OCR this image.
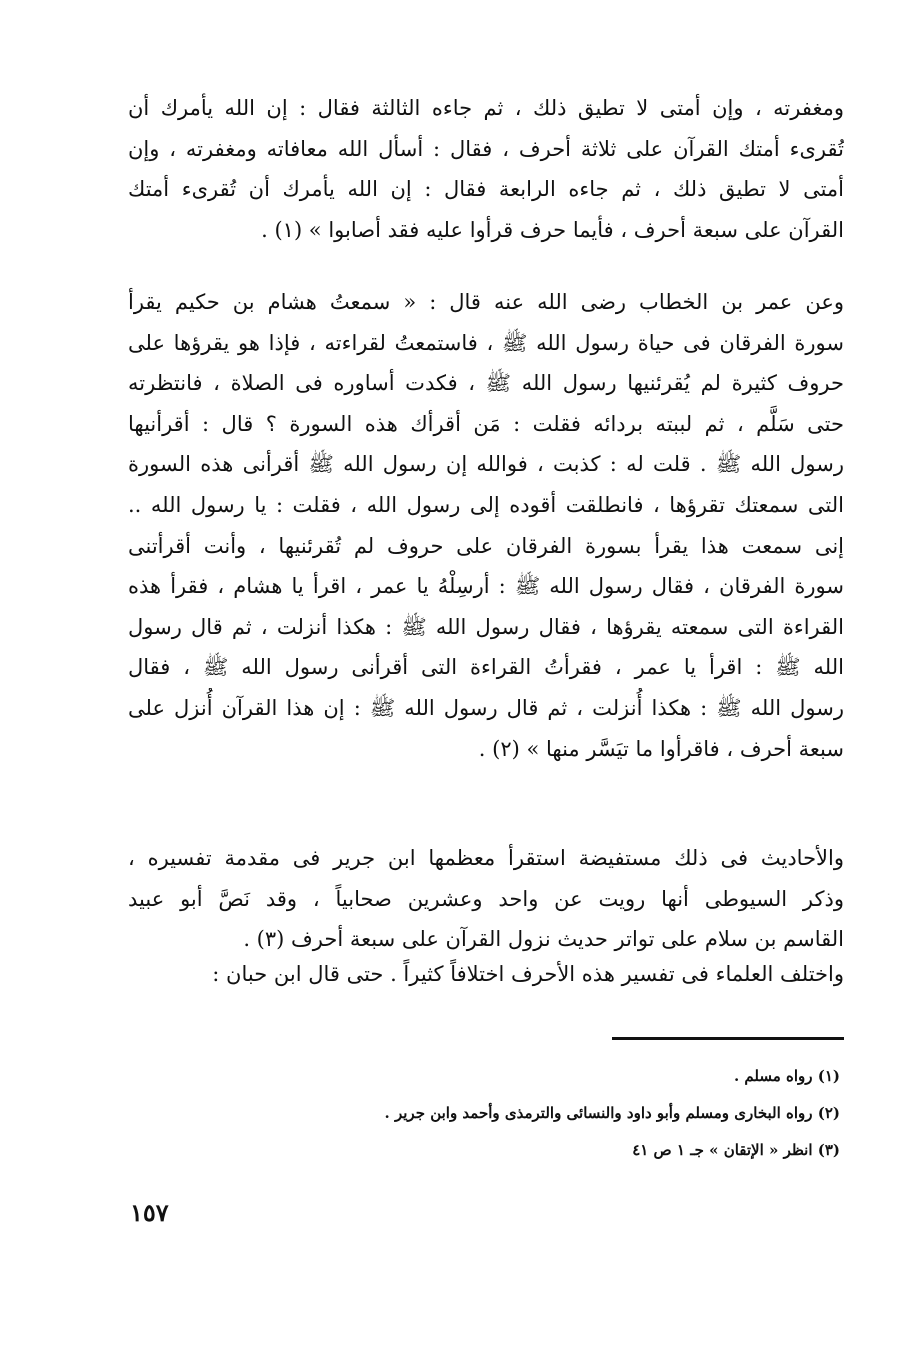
ومغفرته ، وإن أمتى لا تطيق ذلك ، ثم جاءه الثالثة فقال : إن الله يأمرك أن
تُقرىء أمتك القرآن على ثلاثة أحرف ، فقال : أسأل الله معافاته ومغفرته ، وإن
أمتى لا تطيق ذلك ، ثم جاءه الرابعة فقال : إن الله يأمرك أن تُقرىء أمتك
القرآن على سبعة أحرف ، فأيما حرف قرأوا عليه فقد أصابوا » (١) .
وعن عمر بن الخطاب رضى الله عنه قال : « سمعتُ هشام بن حكيم يقرأ
سورة الفرقان فى حياة رسول الله ﷺ ، فاستمعتُ لقراءته ، فإذا هو يقرؤها على
حروف كثيرة لم يُقرئنيها رسول الله ﷺ ، فكدت أساوره فى الصلاة ، فانتظرته
حتى سَلَّم ، ثم لببته بردائه فقلت : مَن أقرأك هذه السورة ؟ قال : أقرأنيها
رسول الله ﷺ . قلت له : كذبت ، فوالله إن رسول الله ﷺ أقرأنى هذه السورة
التى سمعتك تقرؤها ، فانطلقت أقوده إلى رسول الله ، فقلت : يا رسول الله ..
إنى سمعت هذا يقرأ بسورة الفرقان على حروف لم تُقرئنيها ، وأنت أقرأتنى
سورة الفرقان ، فقال رسول الله ﷺ : أرسِلْهُ يا عمر ، اقرأ يا هشام ، فقرأ هذه
القراءة التى سمعته يقرؤها ، فقال رسول الله ﷺ : هكذا أنزلت ، ثم قال رسول
الله ﷺ : اقرأ يا عمر ، فقرأتُ القراءة التى أقرأنى رسول الله ﷺ ، فقال
رسول الله ﷺ : هكذا أُنزلت ، ثم قال رسول الله ﷺ : إن هذا القرآن أُنزل على
سبعة أحرف ، فاقرأوا ما تيَسَّر منها » (٢) .
والأحاديث فى ذلك مستفيضة استقرأ معظمها ابن جرير فى مقدمة تفسيره ،
وذكر السيوطى أنها رويت عن واحد وعشرين صحابياً ، وقد نَصَّ أبو عبيد
القاسم بن سلام على تواتر حديث نزول القرآن على سبعة أحرف (٣) .
واختلف العلماء فى تفسير هذه الأحرف اختلافاً كثيراً . حتى قال ابن حبان :
(١) رواه مسلم .
(٢) رواه البخارى ومسلم وأبو داود والنسائى والترمذى وأحمد وابن جرير .
(٣) انظر « الإتقان » جـ ١ ص ٤١
١٥٧
